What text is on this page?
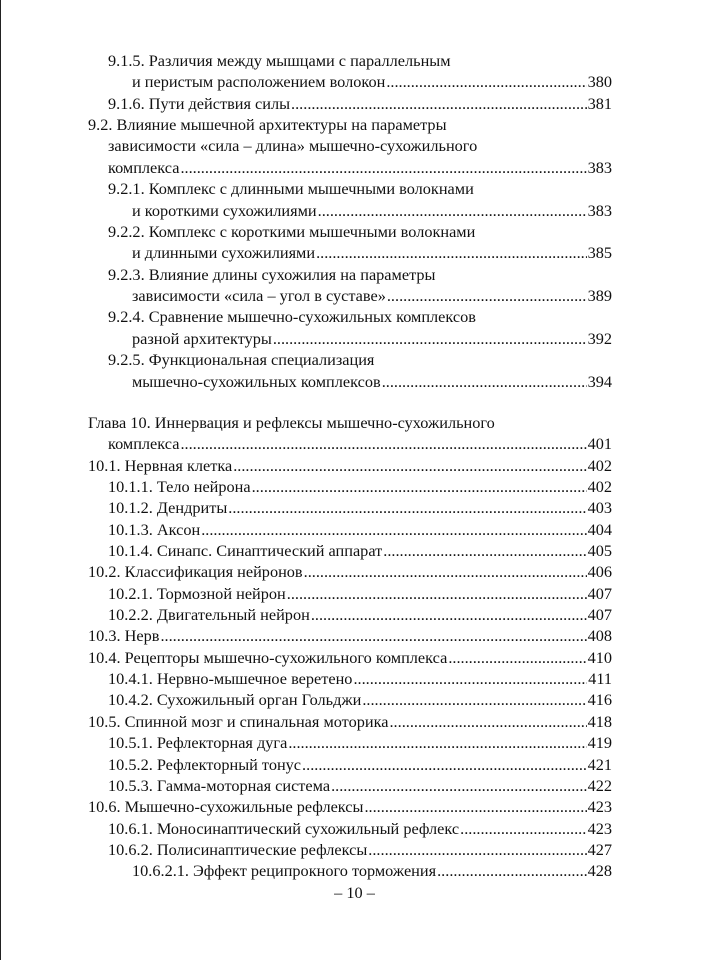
9.1.5. Различия между мышцами с параллельным
и перистым расположением волокон .....	380
9.1.6. Пути действия силы .....	381
9.2. Влияние мышечной архитектуры на параметры
зависимости «сила – длина» мышечно-сухожильного
комплекса .....	383
9.2.1. Комплекс с длинными мышечными волокнами
и короткими сухожилиями .....	383
9.2.2. Комплекс с короткими мышечными волокнами
и длинными сухожилиями .....	385
9.2.3. Влияние длины сухожилия на параметры
зависимости «сила – угол в суставе» .....	389
9.2.4. Сравнение мышечно-сухожильных комплексов
разной архитектуры .....	392
9.2.5. Функциональная специализация
мышечно-сухожильных комплексов .....	394
Глава 10. Иннервация и рефлексы мышечно-сухожильного
комплекса .....	401
10.1. Нервная клетка .....	402
10.1.1. Тело нейрона .....	402
10.1.2. Дендриты .....	403
10.1.3. Аксон .....	404
10.1.4. Синапс. Синаптический аппарат .....	405
10.2. Классификация нейронов .....	406
10.2.1. Тормозной нейрон .....	407
10.2.2. Двигательный нейрон .....	407
10.3. Нерв .....	408
10.4. Рецепторы мышечно-сухожильного комплекса .....	410
10.4.1. Нервно-мышечное веретено .....	411
10.4.2. Сухожильный орган Гольджи .....	416
10.5. Спинной мозг и спинальная моторика .....	418
10.5.1. Рефлекторная дуга .....	419
10.5.2. Рефлекторный тонус .....	421
10.5.3. Гамма-моторная система .....	422
10.6. Мышечно-сухожильные рефлексы .....	423
10.6.1. Моносинаптический сухожильный рефлекс .....	423
10.6.2. Полисинаптические рефлексы .....	427
10.6.2.1. Эффект реципрокного торможения .....	428
– 10 –
